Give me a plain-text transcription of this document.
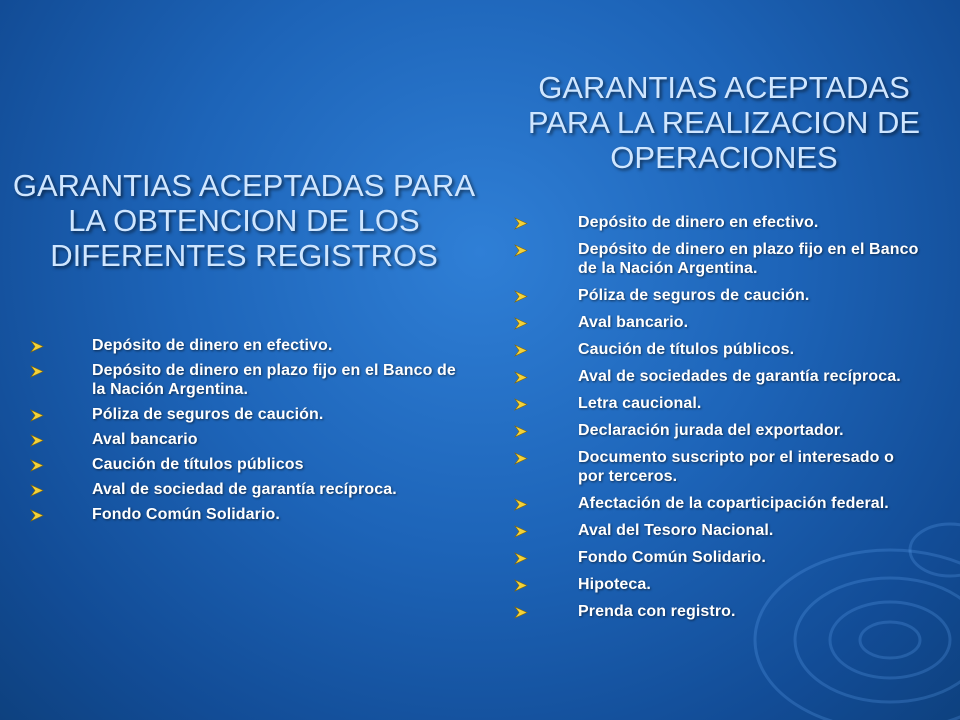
GARANTIAS ACEPTADAS PARA LA OBTENCION DE LOS DIFERENTES REGISTROS
Depósito de dinero en efectivo.
Depósito de dinero en plazo fijo en el Banco de la Nación Argentina.
Póliza de seguros de caución.
Aval bancario
Caución de títulos públicos
Aval de sociedad de garantía recíproca.
Fondo Común Solidario.
GARANTIAS ACEPTADAS PARA LA REALIZACION DE OPERACIONES
Depósito de dinero en efectivo.
Depósito de dinero en plazo fijo en el Banco de la Nación Argentina.
Póliza de seguros de caución.
Aval bancario.
Caución de títulos públicos.
Aval de sociedades de garantía recíproca.
Letra caucional.
Declaración jurada del exportador.
Documento suscripto por el interesado o por terceros.
Afectación de la coparticipación federal.
Aval del Tesoro Nacional.
Fondo Común Solidario.
Hipoteca.
Prenda con registro.
